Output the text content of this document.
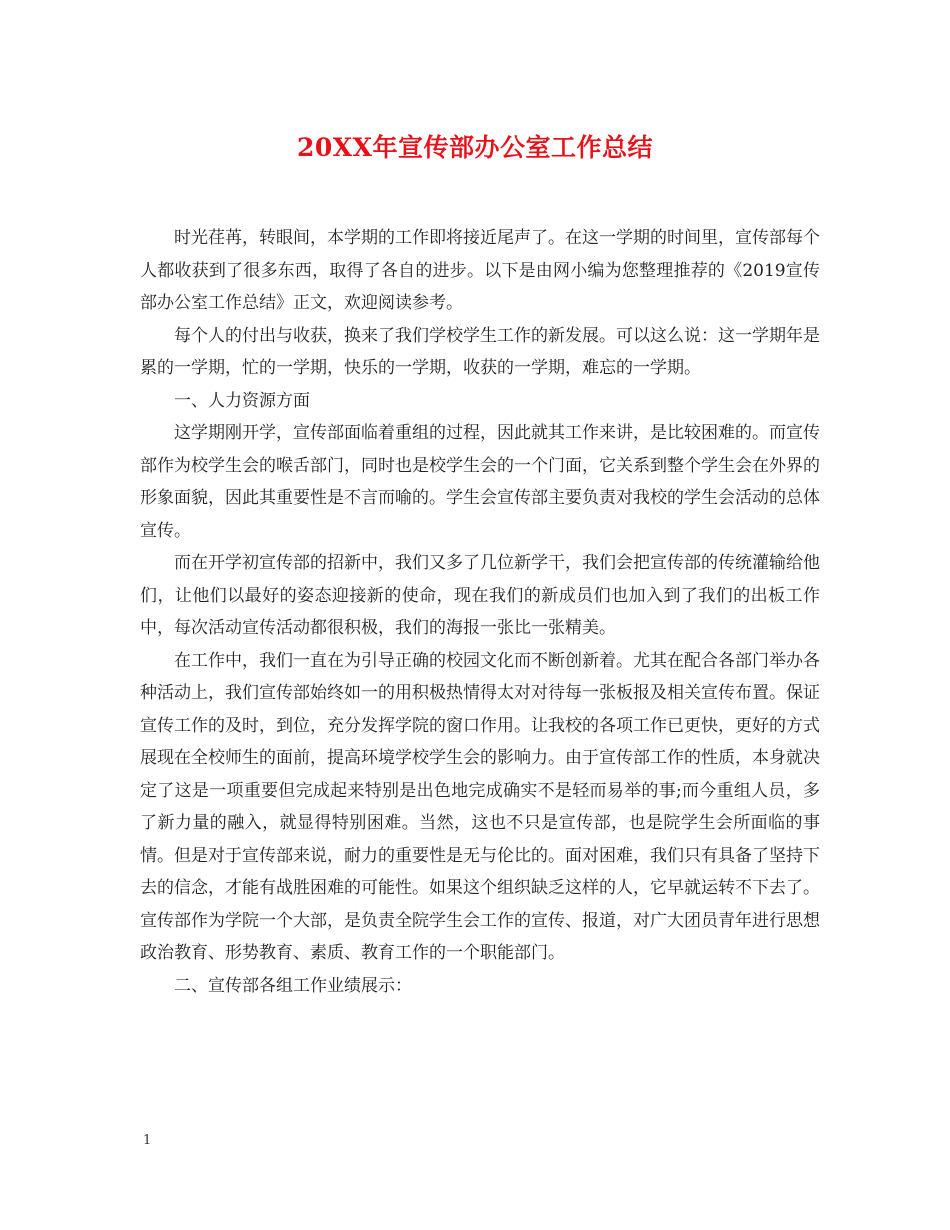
20XX年宣传部办公室工作总结

时光荏苒，转眼间，本学期的工作即将接近尾声了。在这一学期的时间里，宣传部每个人都收获到了很多东西，取得了各自的进步。以下是由网小编为您整理推荐的《2019宣传部办公室工作总结》正文，欢迎阅读参考。

每个人的付出与收获，换来了我们学校学生工作的新发展。可以这么说：这一学期年是累的一学期，忙的一学期，快乐的一学期，收获的一学期，难忘的一学期。

一、人力资源方面

这学期刚开学，宣传部面临着重组的过程，因此就其工作来讲，是比较困难的。而宣传部作为校学生会的喉舌部门，同时也是校学生会的一个门面，它关系到整个学生会在外界的形象面貌，因此其重要性是不言而喻的。学生会宣传部主要负责对我校的学生会活动的总体宣传。

而在开学初宣传部的招新中，我们又多了几位新学干，我们会把宣传部的传统灌输给他们，让他们以最好的姿态迎接新的使命，现在我们的新成员们也加入到了我们的出板工作中，每次活动宣传活动都很积极，我们的海报一张比一张精美。

在工作中，我们一直在为引导正确的校园文化而不断创新着。尤其在配合各部门举办各种活动上，我们宣传部始终如一的用积极热情得太对对待每一张板报及相关宣传布置。保证宣传工作的及时，到位，充分发挥学院的窗口作用。让我校的各项工作已更快，更好的方式展现在全校师生的面前，提高环境学校学生会的影响力。由于宣传部工作的性质，本身就决定了这是一项重要但完成起来特别是出色地完成确实不是轻而易举的事;而今重组人员，多了新力量的融入，就显得特别困难。当然，这也不只是宣传部，也是院学生会所面临的事情。但是对于宣传部来说，耐力的重要性是无与伦比的。面对困难，我们只有具备了坚持下去的信念，才能有战胜困难的可能性。如果这个组织缺乏这样的人，它早就运转不下去了。宣传部作为学院一个大部，是负责全院学生会工作的宣传、报道，对广大团员青年进行思想政治教育、形势教育、素质、教育工作的一个职能部门。

二、宣传部各组工作业绩展示：

1
